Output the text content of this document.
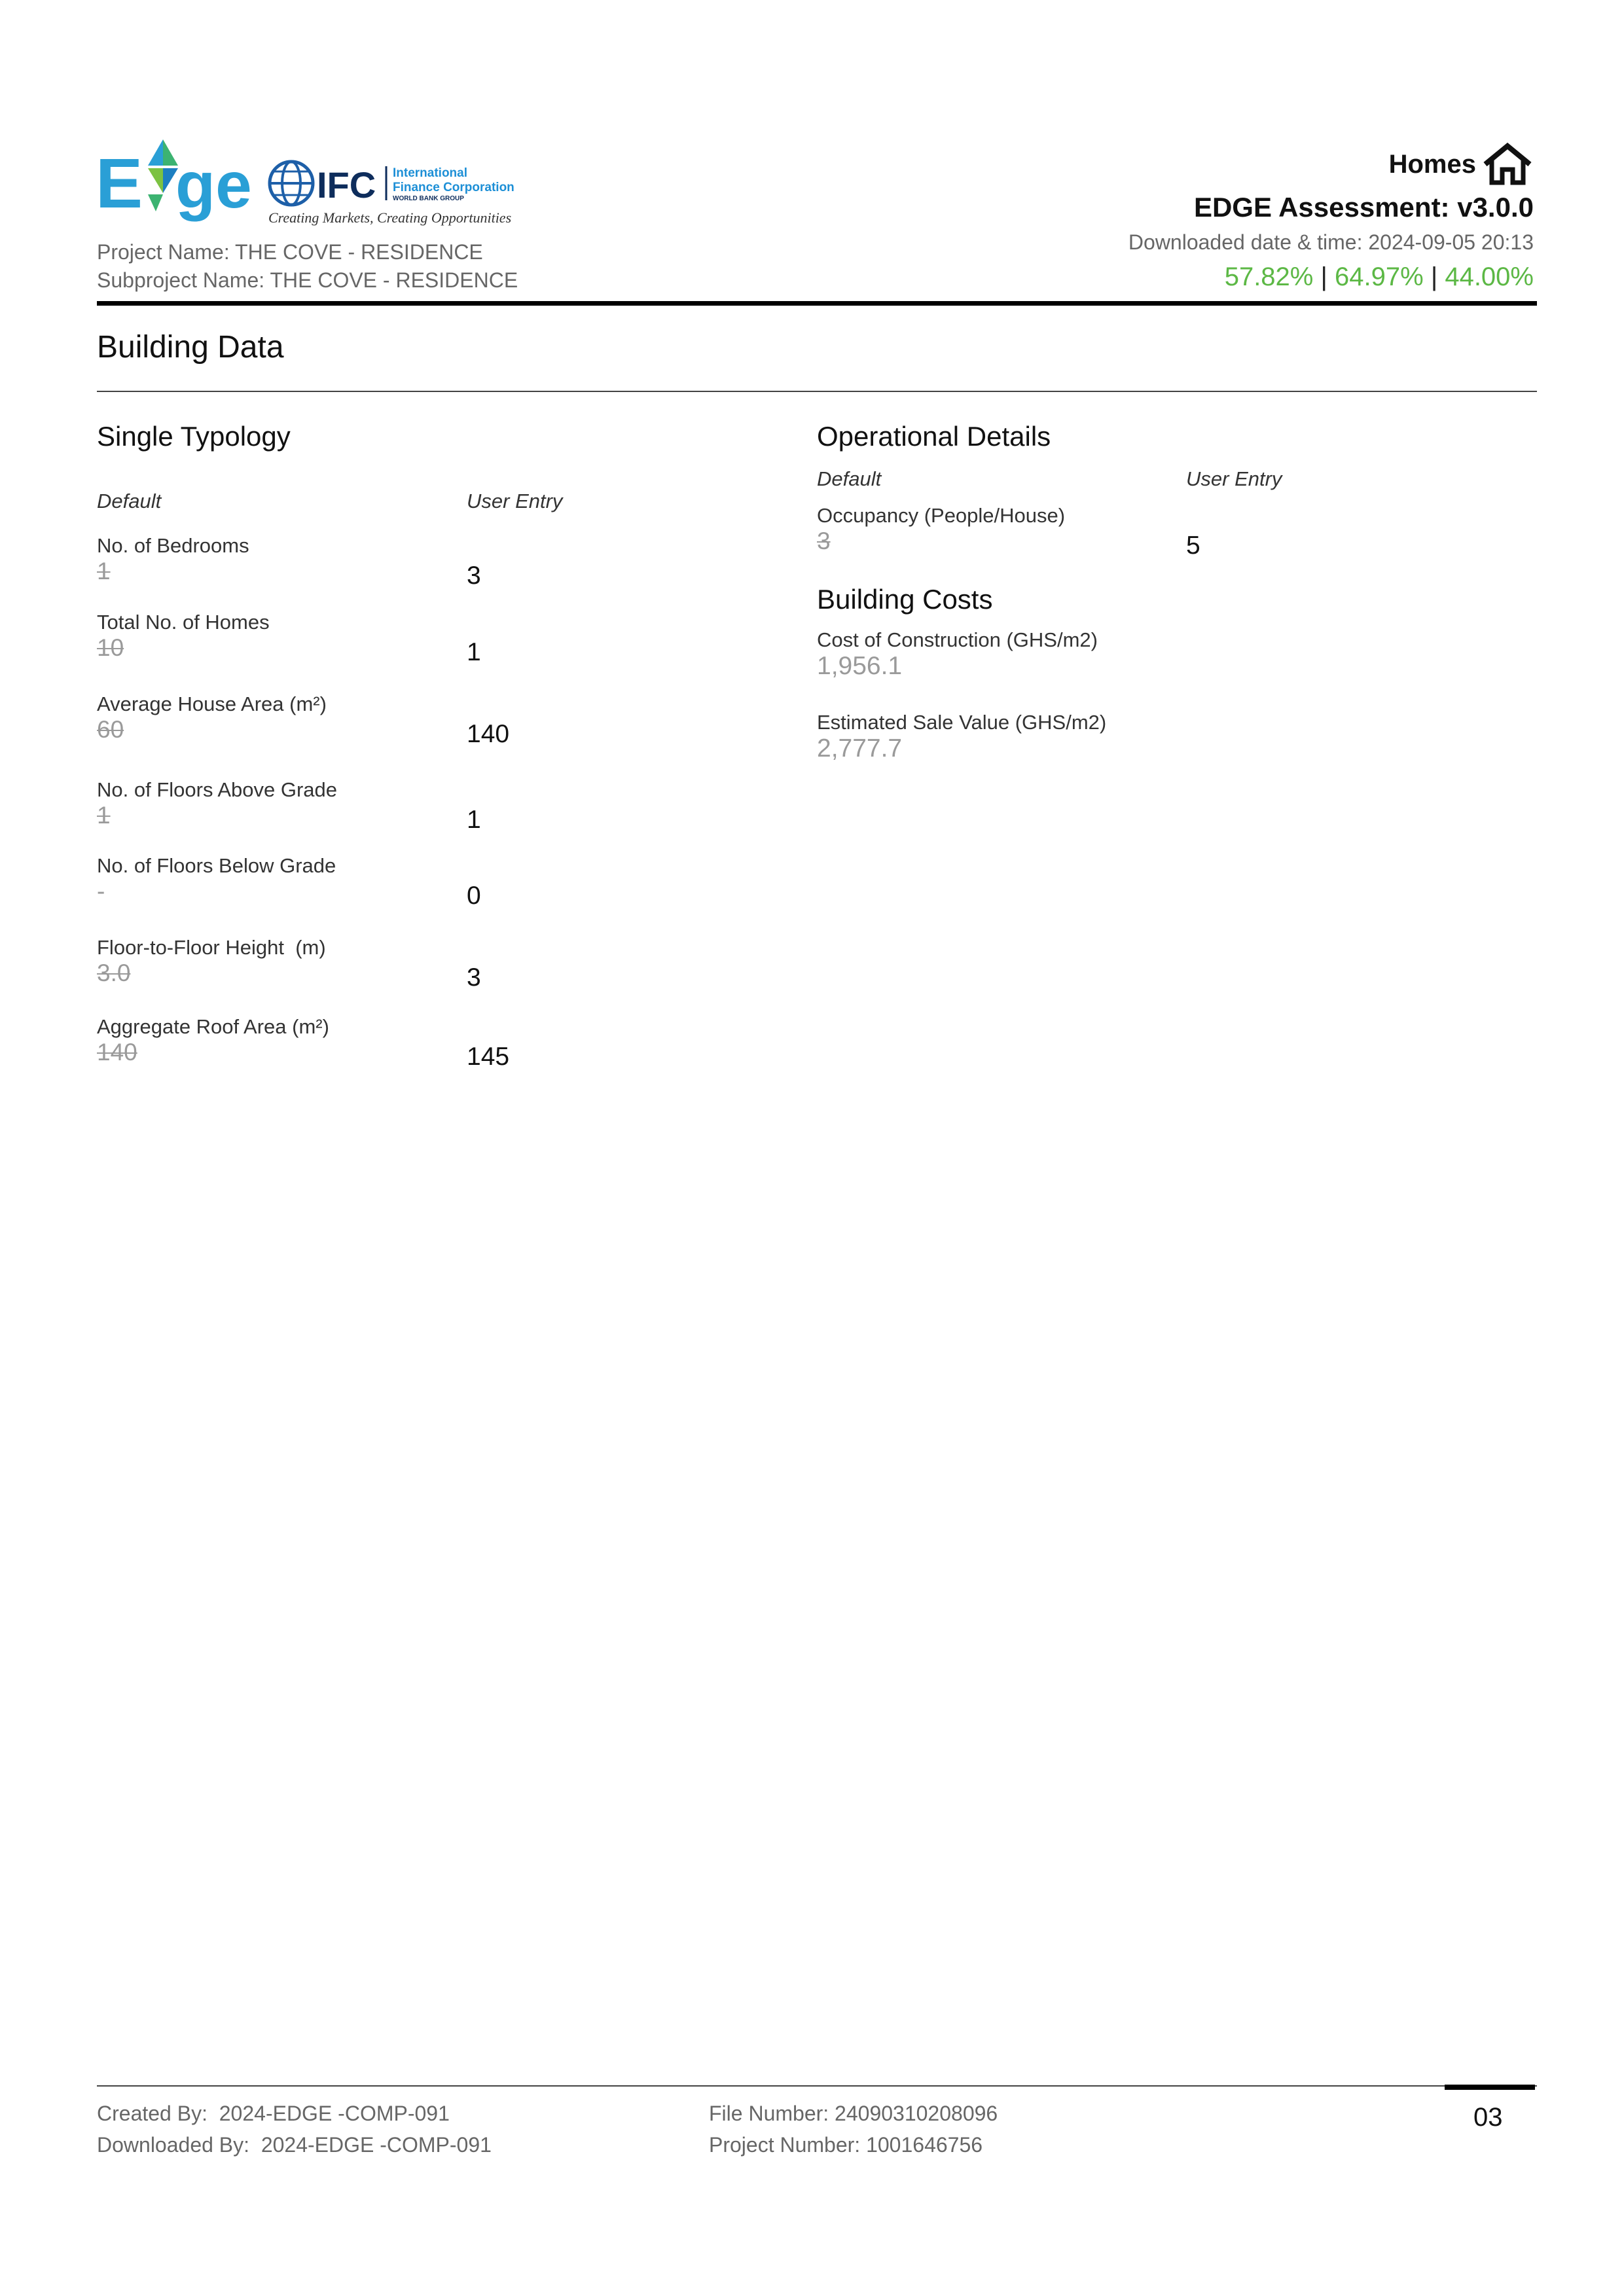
E ge IFC International
Finance Corporation
WORLD BANK GROUP
Creating Markets, Creating Opportunities
Project Name: THE COVE - RESIDENCE
Subproject Name: THE COVE - RESIDENCE
Homes
EDGE Assessment: v3.0.0
Downloaded date & time: 2024-09-05 20:13
57.82% | 64.97% | 44.00%
Building Data
Single Typology
Default	User Entry
No. of Bedrooms
1	3
Total No. of Homes
10	1
Average House Area (m²)
60	140
No. of Floors Above Grade
1	1
No. of Floors Below Grade
-	0
Floor-to-Floor Height  (m)
3.0	3
Aggregate Roof Area (m²)
140	145
Operational Details
Default	User Entry
Occupancy (People/House)
3	5
Building Costs
Cost of Construction (GHS/m2)
1,956.1
Estimated Sale Value (GHS/m2)
2,777.7
Created By:  2024-EDGE -COMP-091
Downloaded By:  2024-EDGE -COMP-091
File Number: 24090310208096
Project Number: 1001646756
03
